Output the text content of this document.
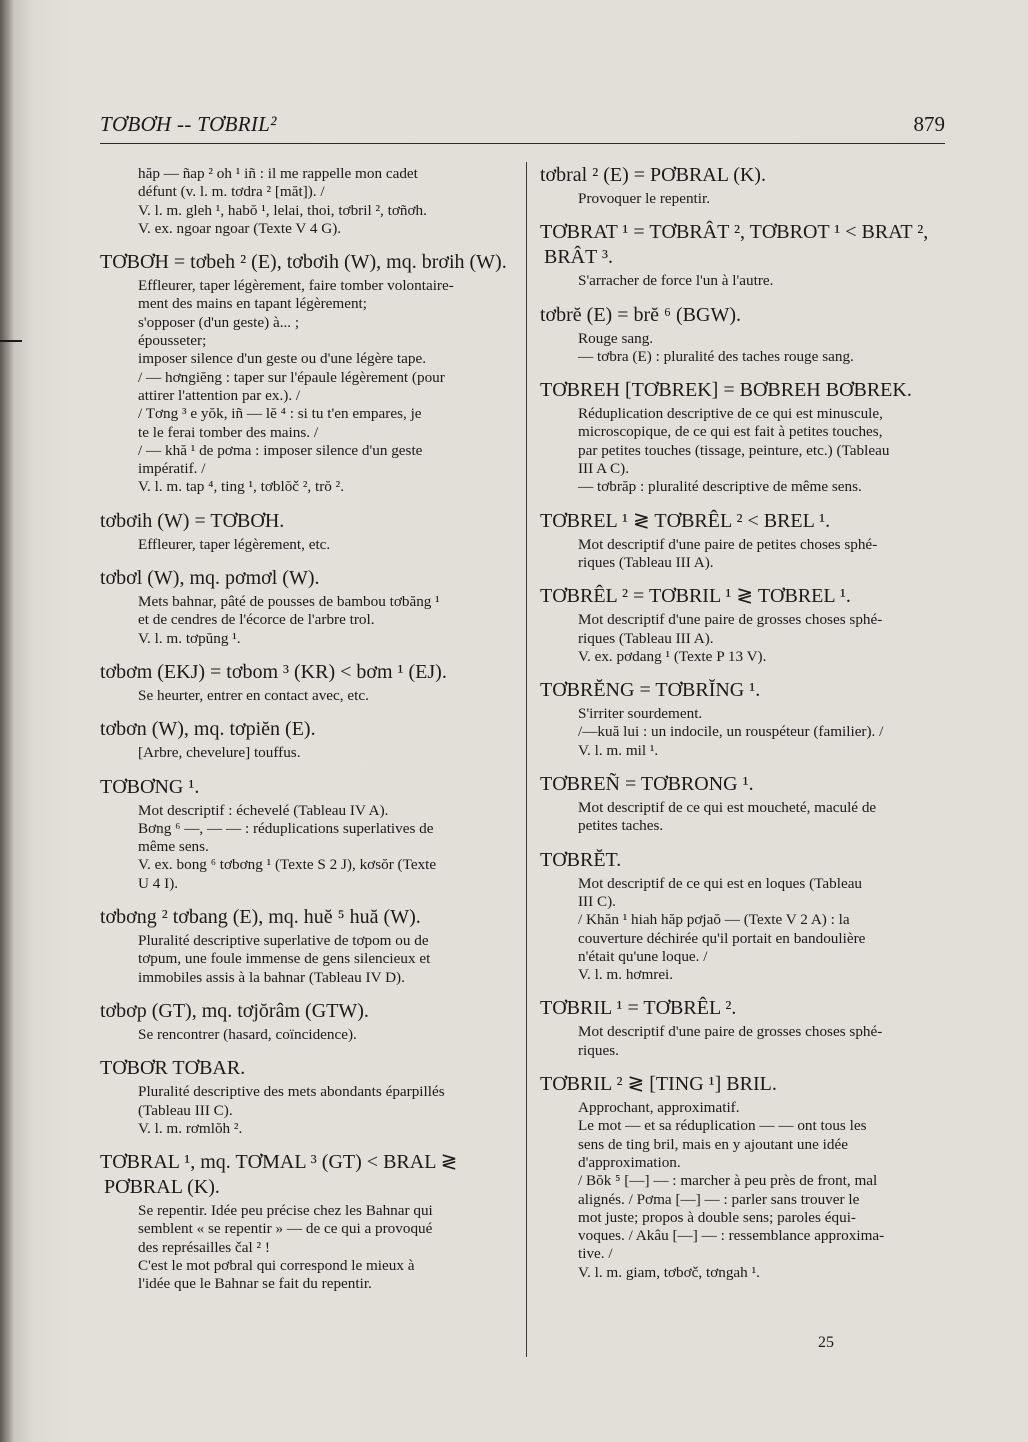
TƠBƠH -- TƠBRIL²	879
hăp — ñap ² oh ¹ iñ : il me rappelle mon cadet
défunt (v. l. m. tơdra ² [măt]). /
V. l. m. gleh ¹, habŏ ¹, lelai, thoi, tơbril ², tơñơh.
V. ex. ngoar ngoar (Texte V 4 G).
TƠBƠH = tơbeh ² (E), tơbơih (W), mq. brơih (W).
Effleurer, taper légèrement, faire tomber volontaire-
ment des mains en tapant légèrement;
s'opposer (d'un geste) à... ;
épousseter;
imposer silence d'un geste ou d'une légère tape.
/ — hơngiĕng : taper sur l'épaule légèrement (pour
attirer l'attention par ex.). /
/ Tơng ³ e yŏk, iñ — lĕ ⁴ : si tu t'en empares, je
te le ferai tomber des mains. /
/ — khă ¹ de pơma : imposer silence d'un geste
impératif. /
V. l. m. tap ⁴, ting ¹, tơblŏč ², trŏ ².
tơbơih (W) = TƠBƠH.
Effleurer, taper légèrement, etc.
tơbơl (W), mq. pơmơl (W).
Mets bahnar, pâté de pousses de bambou tơbăng ¹
et de cendres de l'écorce de l'arbre trol.
V. l. m. tơpŭng ¹.
tơbơm (EKJ) = tơbom ³ (KR) < bơm ¹ (EJ).
Se heurter, entrer en contact avec, etc.
tơbơn (W), mq. tơpiĕn (E).
[Arbre, chevelure] touffus.
TƠBƠNG ¹.
Mot descriptif : échevelé (Tableau IV A).
Bơng ⁶ —, — — : réduplications superlatives de
même sens.
V. ex. bong ⁶ tơbơng ¹ (Texte S 2 J), kơsŏr (Texte
U 4 I).
tơbơng ² tơbang (E), mq. huĕ ⁵ huă (W).
Pluralité descriptive superlative de tơpom ou de
tơpum, une foule immense de gens silencieux et
immobiles assis à la bahnar (Tableau IV D).
tơbơp (GT), mq. tơjŏrâm (GTW).
Se rencontrer (hasard, coïncidence).
TƠBƠR TƠBAR.
Pluralité descriptive des mets abondants éparpillés
(Tableau III C).
V. l. m. rơmlŏh ².
TƠBRAL ¹, mq. TƠMAL ³ (GT) < BRAL ≷ PƠBRAL (K).
Se repentir. Idée peu précise chez les Bahnar qui
semblent « se repentir » — de ce qui a provoqué
des représailles čal ² !
C'est le mot pơbral qui correspond le mieux à
l'idée que le Bahnar se fait du repentir.
tơbral ² (E) = PƠBRAL (K).
Provoquer le repentir.
TƠBRAT ¹ = TƠBRÂT ², TƠBROT ¹ < BRAT ², BRÂT ³.
S'arracher de force l'un à l'autre.
tơbrĕ (E) = brĕ ⁶ (BGW).
Rouge sang.
— tơbra (E) : pluralité des taches rouge sang.
TƠBREH [TƠBREK] = BƠBREH BƠBREK.
Réduplication descriptive de ce qui est minuscule,
microscopique, de ce qui est fait à petites touches,
par petites touches (tissage, peinture, etc.) (Tableau
III A C).
— tơbrăp : pluralité descriptive de même sens.
TƠBREL ¹ ≷ TƠBRÊL ² < BREL ¹.
Mot descriptif d'une paire de petites choses sphé-
riques (Tableau III A).
TƠBRÊL ² = TƠBRIL ¹ ≷ TƠBREL ¹.
Mot descriptif d'une paire de grosses choses sphé-
riques (Tableau III A).
V. ex. pơdang ¹ (Texte P 13 V).
TƠBRĔNG = TƠBRĬNG ¹.
S'irriter sourdement.
/—kuă lui : un indocile, un rouspéteur (familier). /
V. l. m. mil ¹.
TƠBREÑ = TƠBRONG ¹.
Mot descriptif de ce qui est moucheté, maculé de
petites taches.
TƠBRĔT.
Mot descriptif de ce qui est en loques (Tableau
III C).
/ Khăn ¹ hiah hăp pơjaŏ — (Texte V 2 A) : la
couverture déchirée qu'il portait en bandoulière
n'était qu'une loque. /
V. l. m. hơmrei.
TƠBRIL ¹ = TƠBRÊL ².
Mot descriptif d'une paire de grosses choses sphé-
riques.
TƠBRIL ² ≷ [TING ¹] BRIL.
Approchant, approximatif.
Le mot — et sa réduplication — — ont tous les
sens de ting bril, mais en y ajoutant une idée
d'approximation.
/ Bŏk ⁵ [—] — : marcher à peu près de front, mal
alignés. / Pơma [—] — : parler sans trouver le
mot juste; propos à double sens; paroles équi-
voques. / Akâu [—] — : ressemblance approxima-
tive. /
V. l. m. giam, tơbơč, tơngah ¹.
25
